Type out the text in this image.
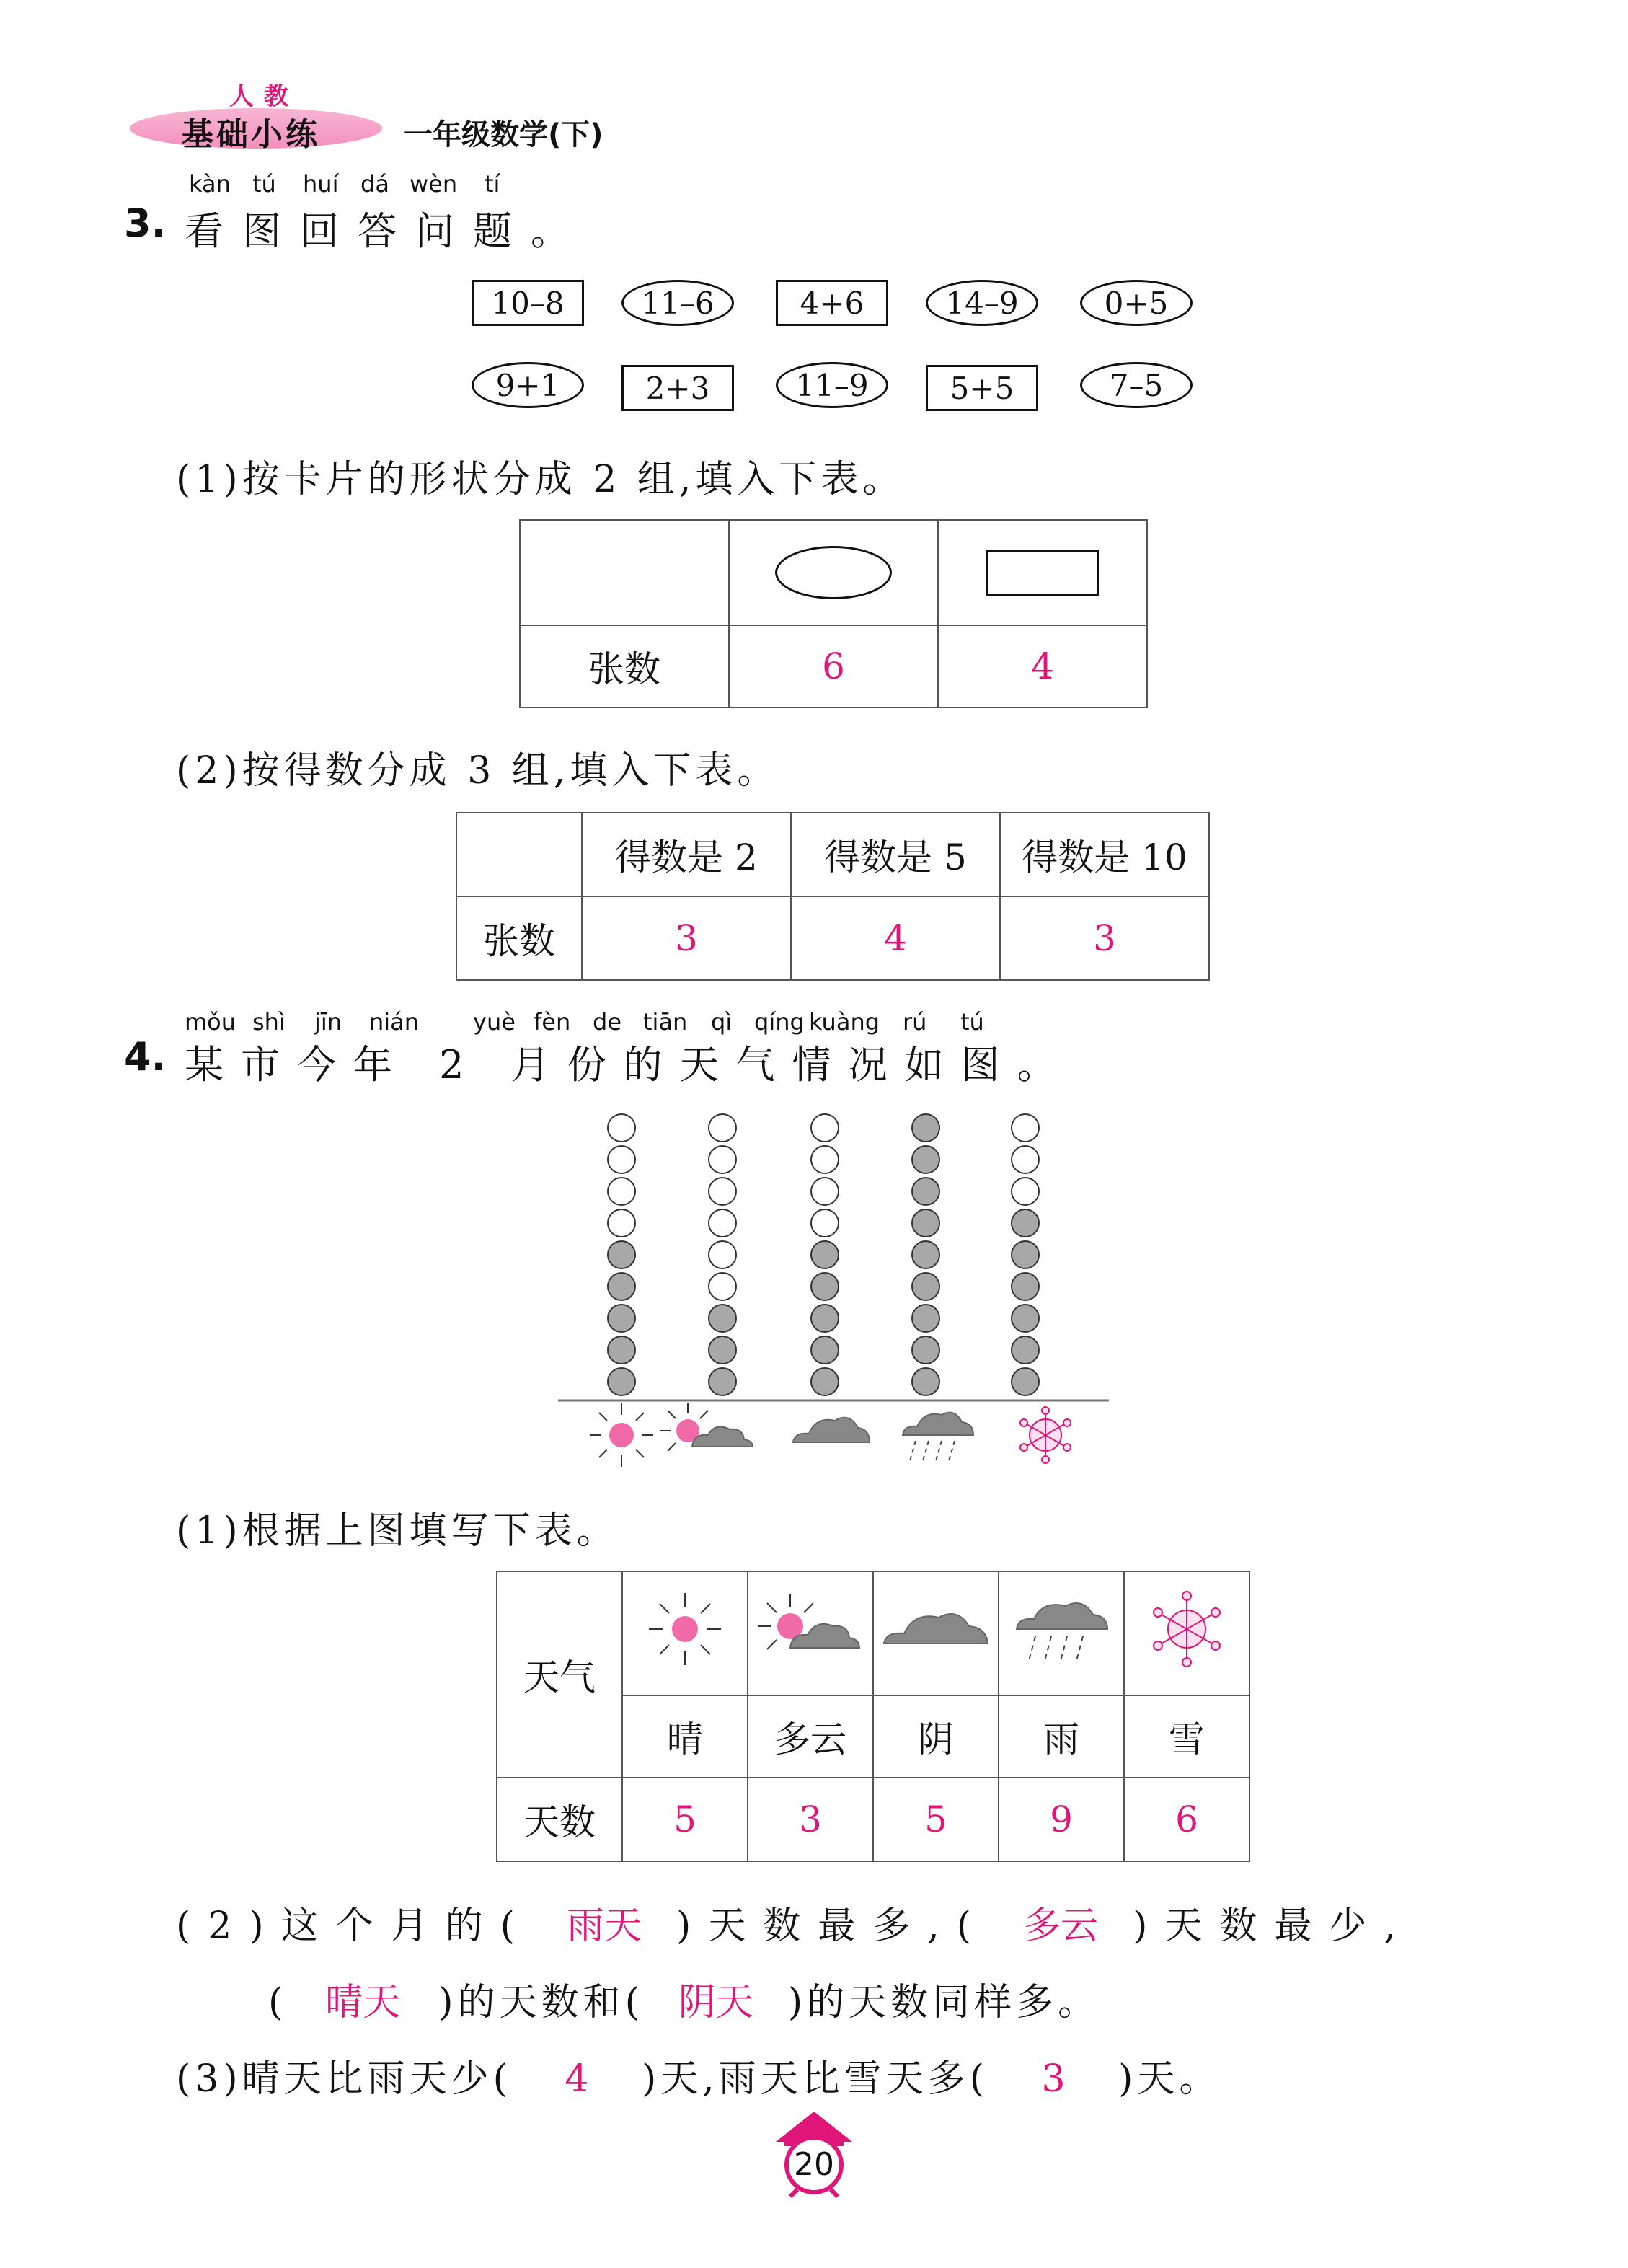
人教
基础小练	一年级数学(下)
kàn tú huí dá wèn tí
3. 看图回答问题。
10–8	11–6	4+6	14–9	0+5
9+1	2+3	11–9	5+5	7–5
(1)按卡片的形状分成 2 组,填入下表。

张数	6	4
(2)按得数分成 3 组,填入下表。
	得数是 2	得数是 5	得数是 10
张数	3	4	3
mǒu shì jīn nián yuè fèn de tiān qì qíng kuàng rú tú
4. 某市今年 2 月份的天气情况如图。
(1)根据上图填写下表。
天气					
	晴	多云	阴	雨	雪
天数	5	3	5	9	6
(2)这个月的( 雨天 )天数最多,( 多云 )天数最少,
( 晴天 )的天数和( 阴天 )的天数同样多。
(3)晴天比雨天少( 4 )天,雨天比雪天多( 3 )天。
20
